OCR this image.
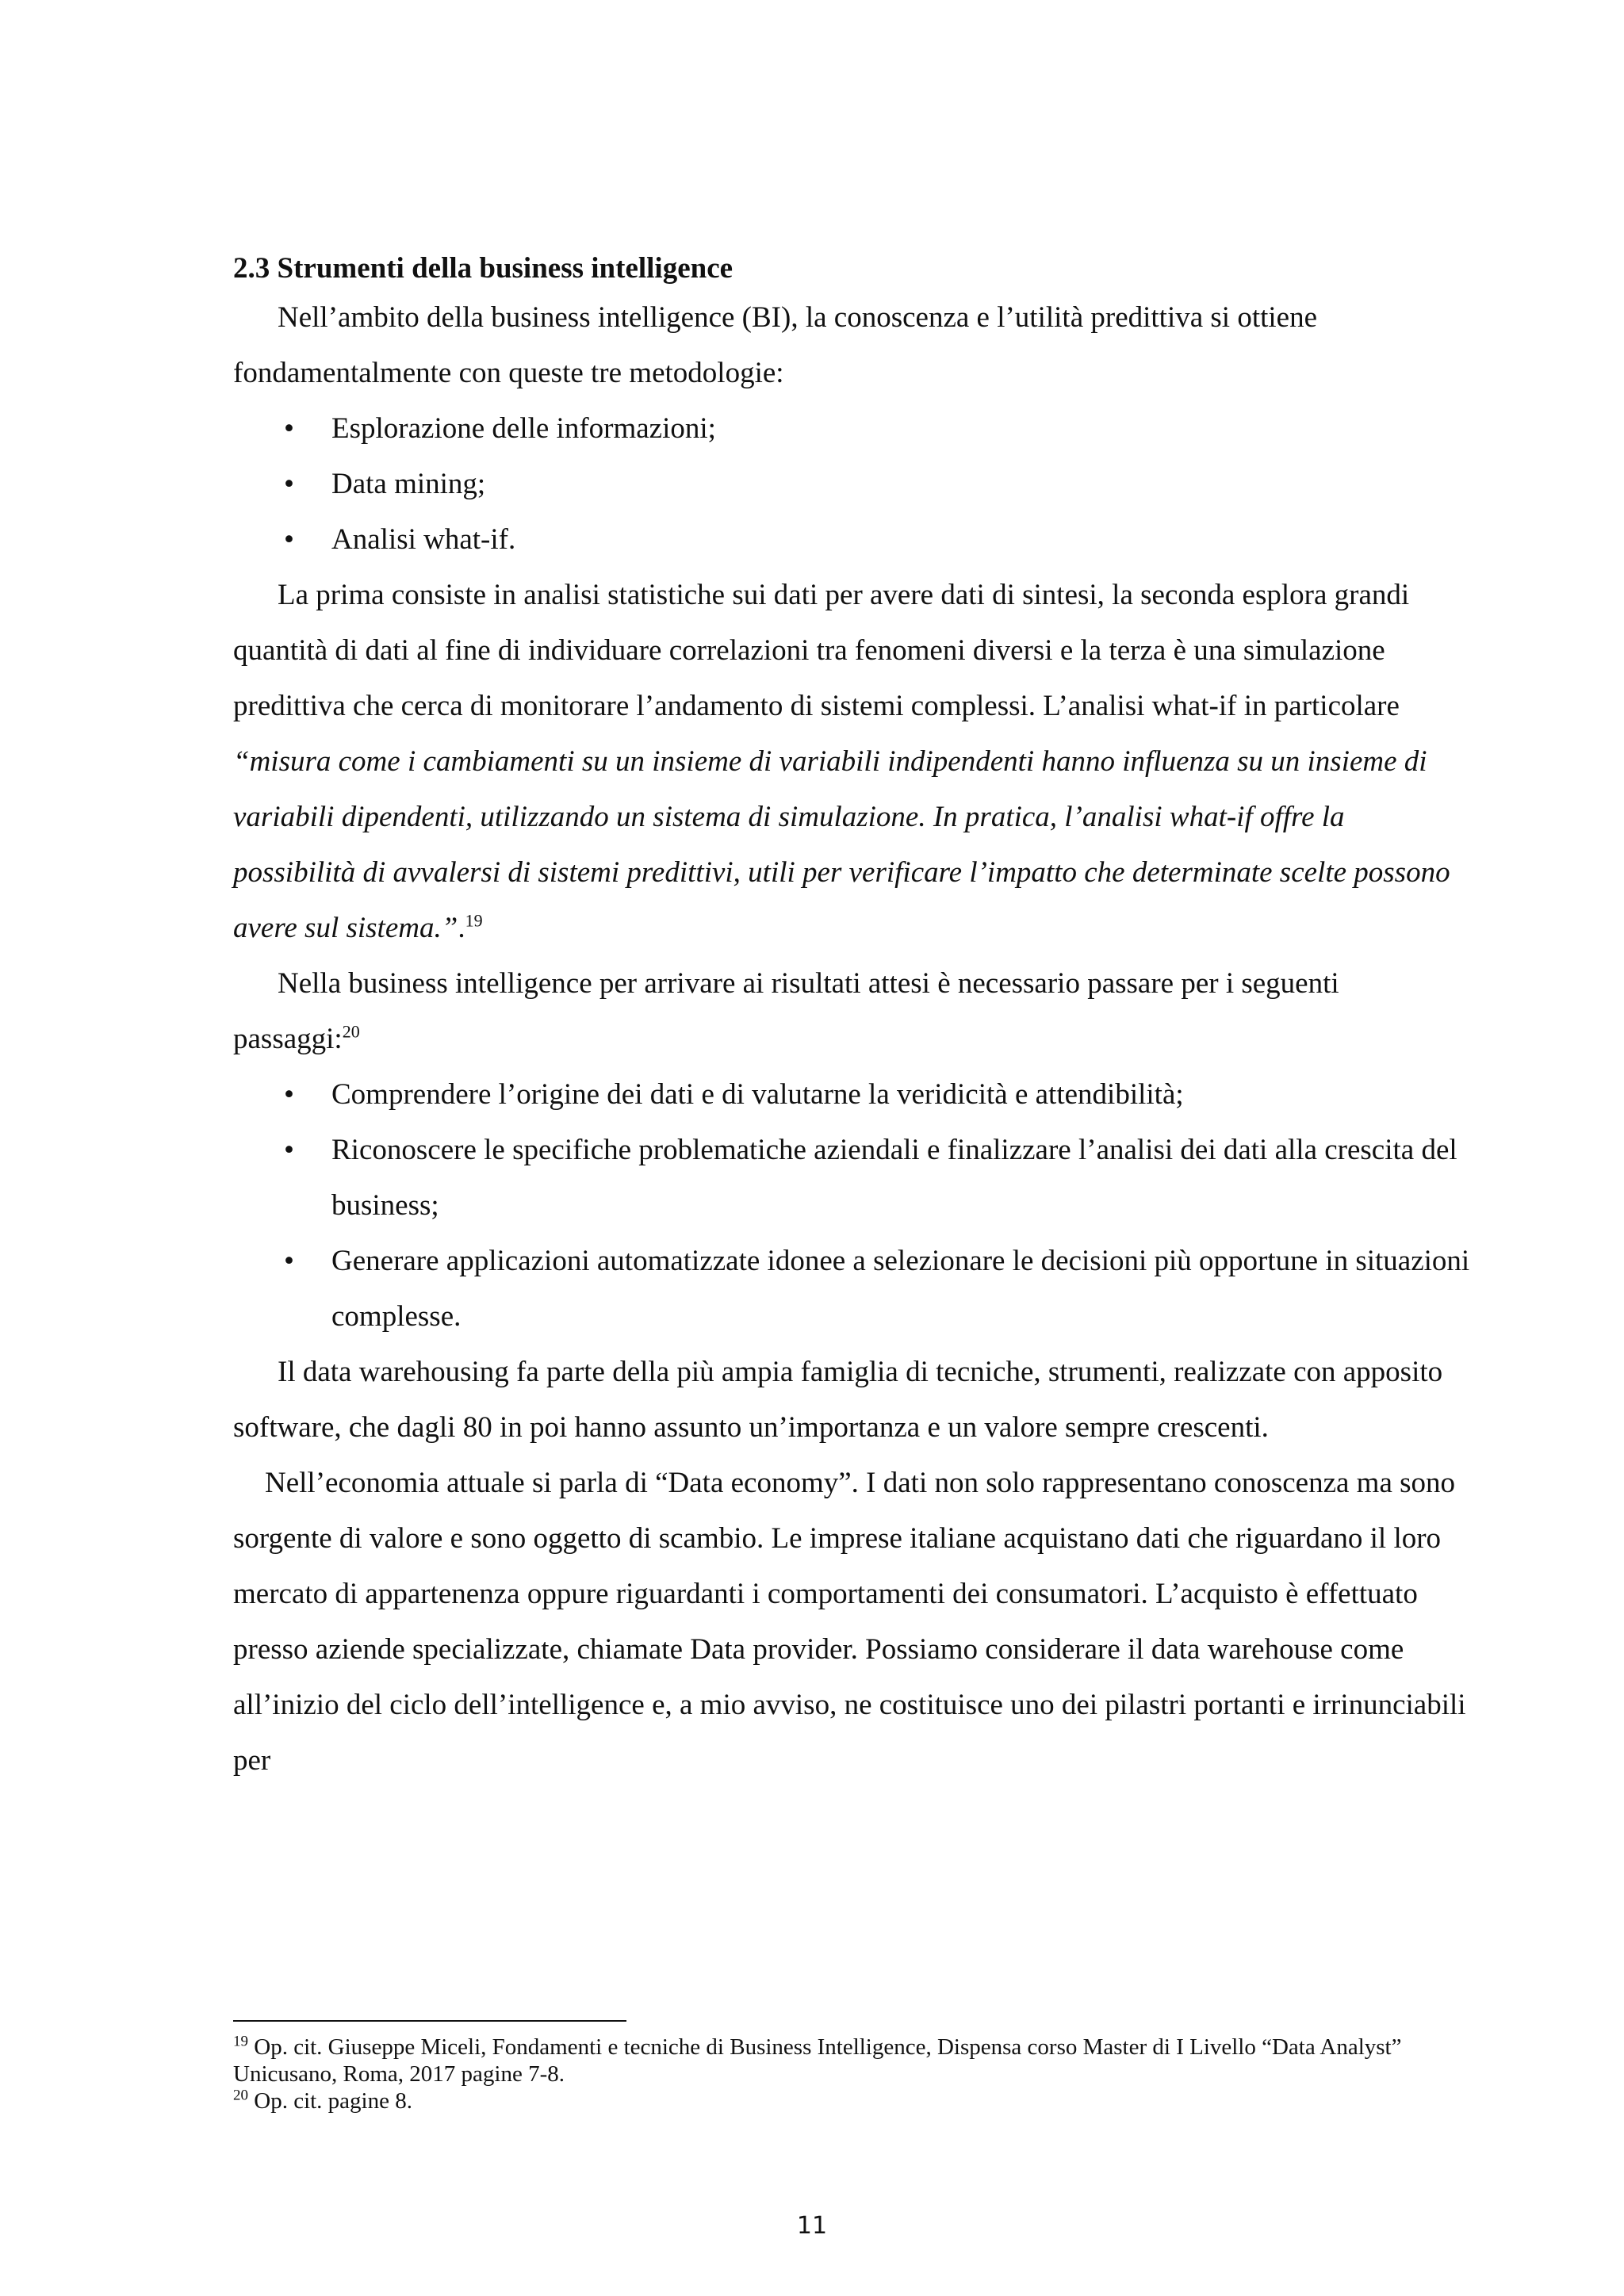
2.3 Strumenti della business intelligence

Nell’ambito della business intelligence (BI), la conoscenza e l’utilità predittiva si ottiene fondamentalmente con queste tre metodologie:

• Esplorazione delle informazioni;
• Data mining;
• Analisi what-if.

La prima consiste in analisi statistiche sui dati per avere dati di sintesi, la seconda esplora grandi quantità di dati al fine di individuare correlazioni tra fenomeni diversi e la terza è una simulazione predittiva che cerca di monitorare l’andamento di sistemi complessi. L’analisi what-if in particolare “misura come i cambiamenti su un insieme di variabili indipendenti hanno influenza su un insieme di variabili dipendenti, utilizzando un sistema di simulazione. In pratica, l’analisi what-if offre la possibilità di avvalersi di sistemi predittivi, utili per verificare l’impatto che determinate scelte possono avere sul sistema.”.$^{19}$

Nella business intelligence per arrivare ai risultati attesi è necessario passare per i seguenti passaggi:$^{20}$

• Comprendere l’origine dei dati e di valutarne la veridicità e attendibilità;
• Riconoscere le specifiche problematiche aziendali e finalizzare l’analisi dei dati alla crescita del business;
• Generare applicazioni automatizzate idonee a selezionare le decisioni più opportune in situazioni complesse.

Il data warehousing fa parte della più ampia famiglia di tecniche, strumenti, realizzate con apposito software, che dagli 80 in poi hanno assunto un’importanza e un valore sempre crescenti.

Nell’economia attuale si parla di “Data economy”. I dati non solo rappresentano conoscenza ma sono sorgente di valore e sono oggetto di scambio. Le imprese italiane acquistano dati che riguardano il loro mercato di appartenenza oppure riguardanti i comportamenti dei consumatori. L’acquisto è effettuato presso aziende specializzate, chiamate Data provider. Possiamo considerare il data warehouse come all’inizio del ciclo dell’intelligence e, a mio avviso, ne costituisce uno dei pilastri portanti e irrinunciabili per

$^{19}$ Op. cit. Giuseppe Miceli, Fondamenti e tecniche di Business Intelligence, Dispensa corso Master di I Livello “Data Analyst” Unicusano, Roma, 2017 pagine 7-8.

$^{20}$ Op. cit. pagine 8.

11
